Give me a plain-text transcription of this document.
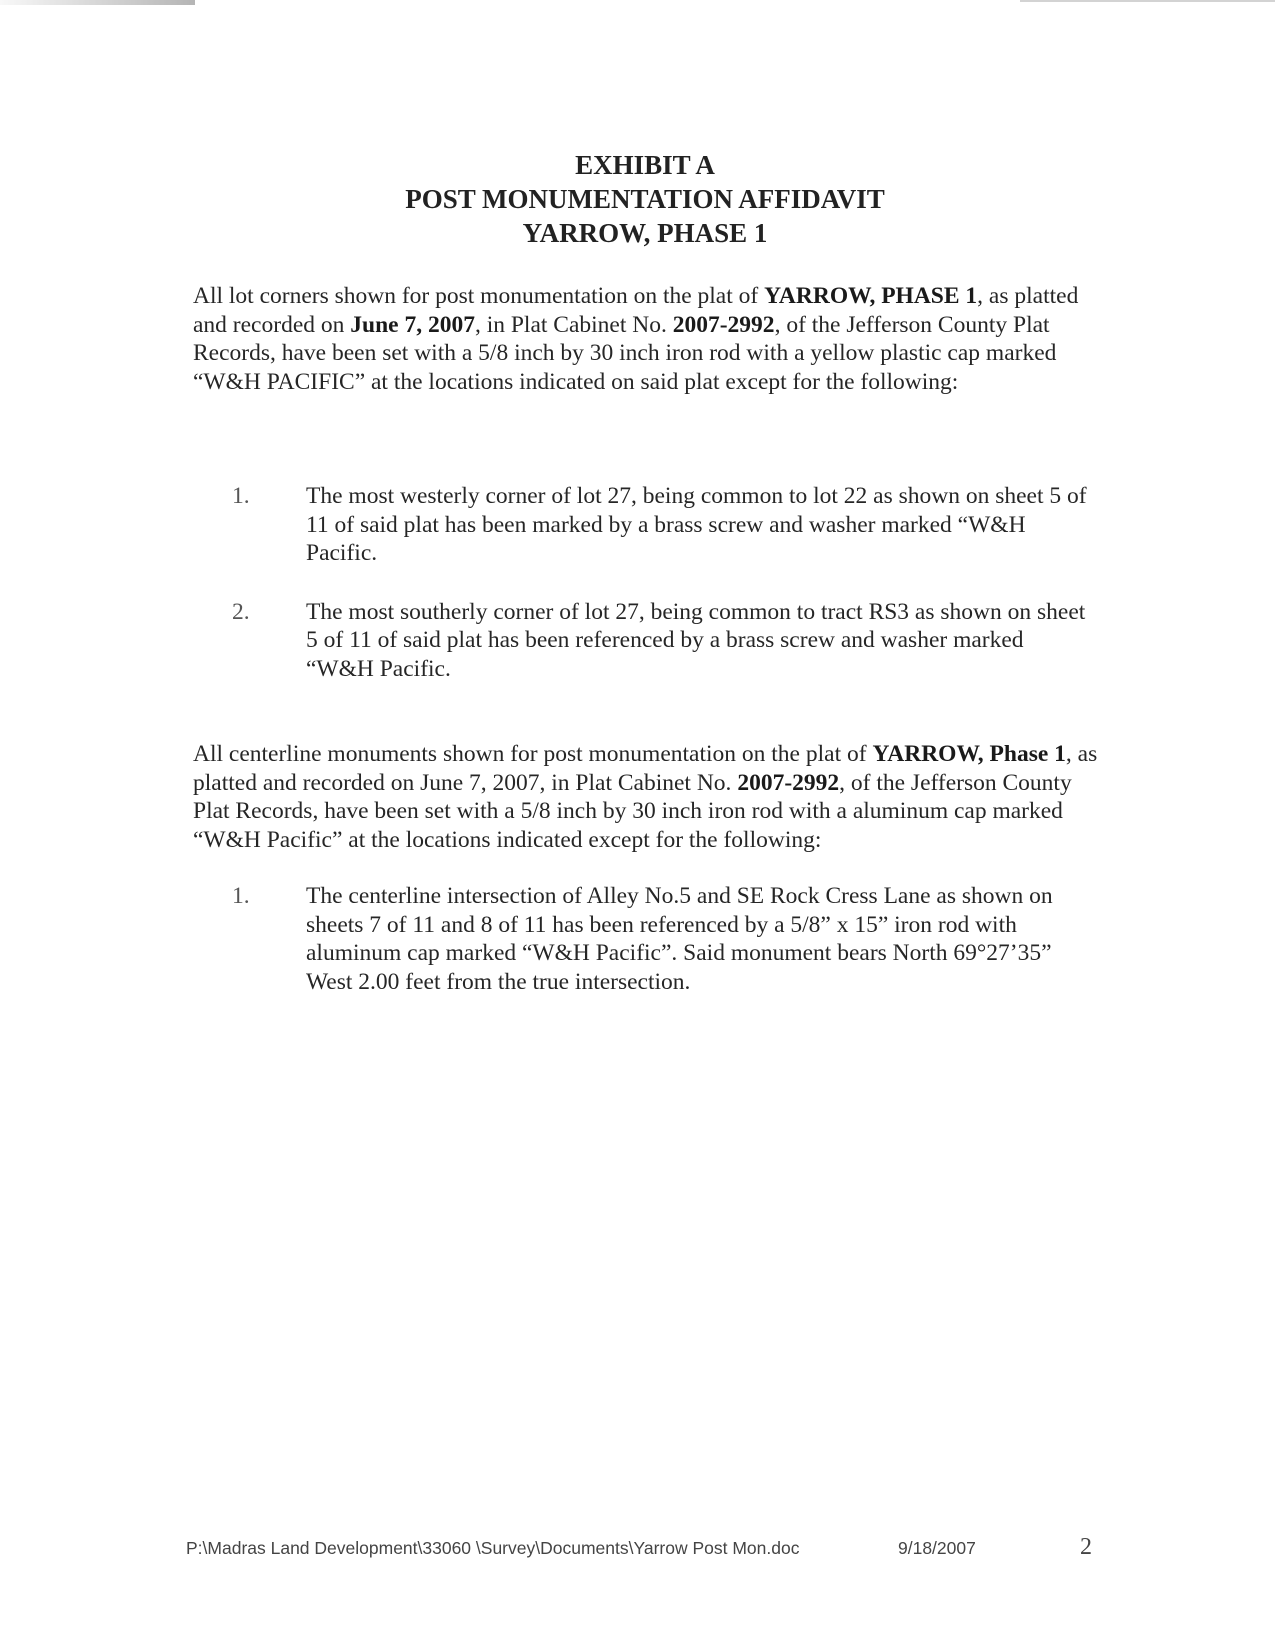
EXHIBIT A
POST MONUMENTATION AFFIDAVIT
YARROW, PHASE 1

All lot corners shown for post monumentation on the plat of YARROW, PHASE 1, as platted and recorded on June 7, 2007, in Plat Cabinet No. 2007-2992, of the Jefferson County Plat Records, have been set with a 5/8 inch by 30 inch iron rod with a yellow plastic cap marked “W&H PACIFIC” at the locations indicated on said plat except for the following:

1. The most westerly corner of lot 27, being common to lot 22 as shown on sheet 5 of 11 of said plat has been marked by a brass screw and washer marked “W&H Pacific.
2. The most southerly corner of lot 27, being common to tract RS3 as shown on sheet 5 of 11 of said plat has been referenced by a brass screw and washer marked “W&H Pacific.

All centerline monuments shown for post monumentation on the plat of YARROW, Phase 1, as platted and recorded on June 7, 2007, in Plat Cabinet No. 2007-2992, of the Jefferson County Plat Records, have been set with a 5/8 inch by 30 inch iron rod with a aluminum cap marked “W&H Pacific” at the locations indicated except for the following:

1. The centerline intersection of Alley No.5 and SE Rock Cress Lane as shown on sheets 7 of 11 and 8 of 11 has been referenced by a 5/8” x 15” iron rod with aluminum cap marked “W&H Pacific”. Said monument bears North 69°27’35” West 2.00 feet from the true intersection.
P:\Madras Land Development\33060 \Survey\Documents\Yarrow Post Mon.doc	9/18/2007	2
